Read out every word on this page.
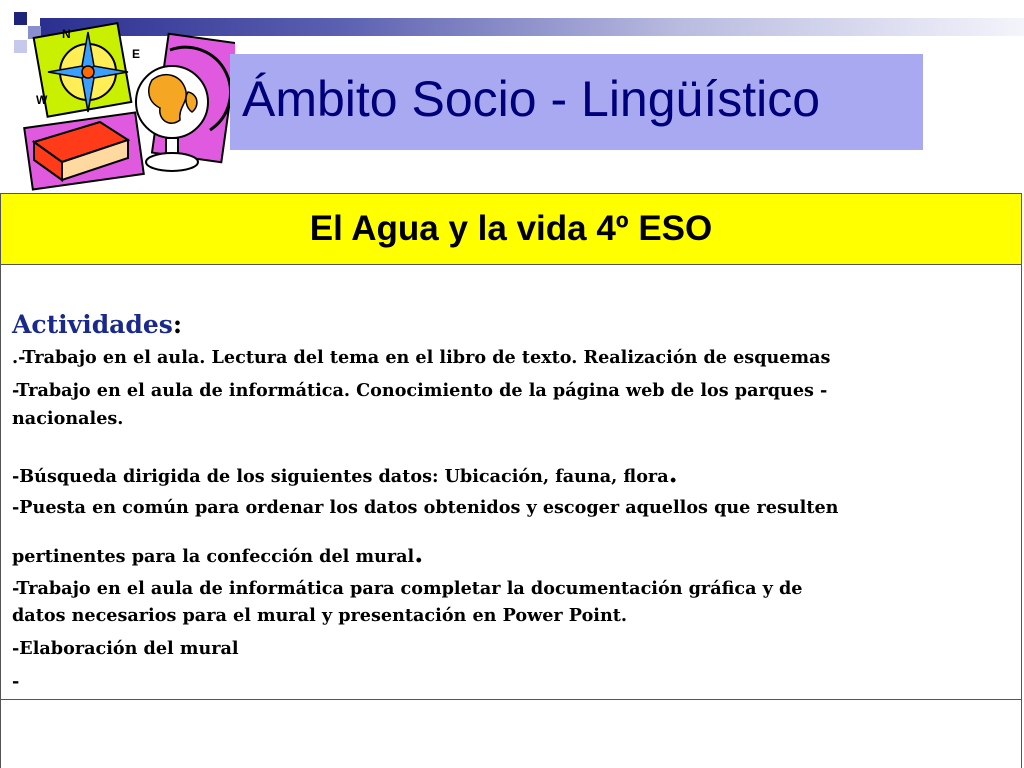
N
E
W	Ámbito Socio - Lingüístico
El Agua y la vida 4º ESO
Actividades:
.-Trabajo en el aula. Lectura del tema en el libro de texto. Realización de esquemas
-Trabajo en el aula de informática. Conocimiento de la página web de los parques -
nacionales.
-Búsqueda dirigida de los siguientes datos: Ubicación, fauna, flora.
-Puesta en común para ordenar los datos obtenidos y escoger aquellos que resulten
pertinentes para la confección del mural.
-Trabajo en el aula de informática para completar la documentación gráfica y de
datos necesarios para el mural y presentación en Power Point.
-Elaboración del mural
-
